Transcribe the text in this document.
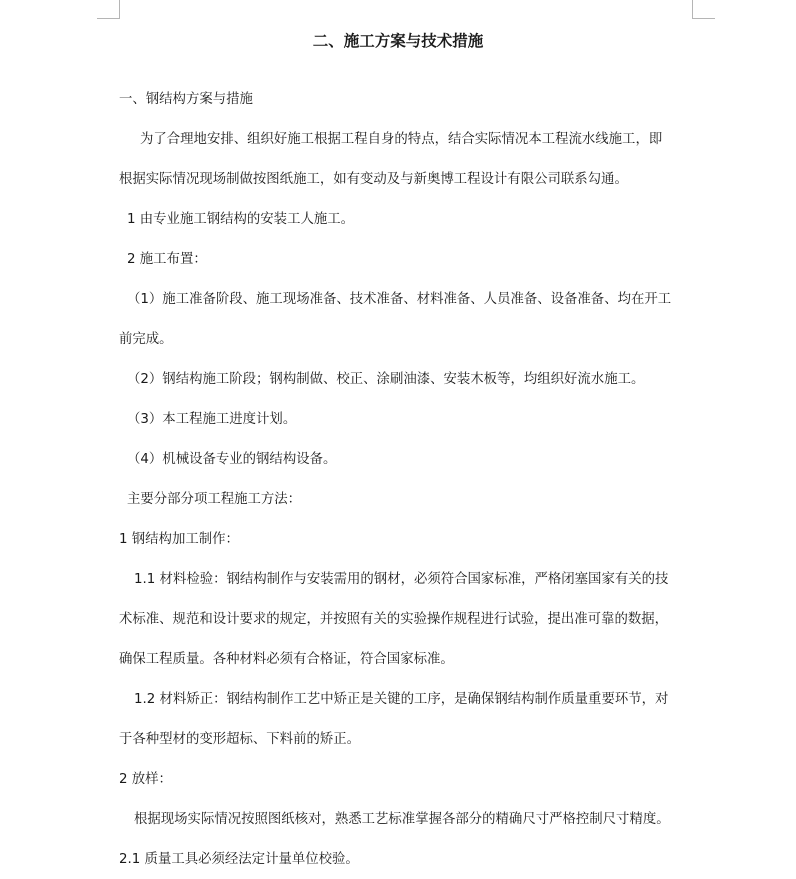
二、施工方案与技术措施
一、钢结构方案与措施
为了合理地安排、组织好施工根据工程自身的特点，结合实际情况本工程流水线施工，即
根据实际情况现场制做按图纸施工，如有变动及与新奥博工程设计有限公司联系勾通。
1 由专业施工钢结构的安装工人施工。
2 施工布置：
（1）施工准备阶段、施工现场准备、技术准备、材料准备、人员准备、设备准备、均在开工
前完成。
（2）钢结构施工阶段；钢构制做、校正、涂刷油漆、安装木板等，均组织好流水施工。
（3）本工程施工进度计划。
（4）机械设备专业的钢结构设备。
主要分部分项工程施工方法：
1 钢结构加工制作：
1.1 材料检验：钢结构制作与安装需用的钢材，必须符合国家标准，严格闭塞国家有关的技
术标准、规范和设计要求的规定，并按照有关的实验操作规程进行试验，提出准可靠的数据，
确保工程质量。各种材料必须有合格证，符合国家标准。
1.2 材料矫正：钢结构制作工艺中矫正是关键的工序，是确保钢结构制作质量重要环节，对
于各种型材的变形超标、下料前的矫正。
2 放样：
根据现场实际情况按照图纸核对，熟悉工艺标准掌握各部分的精确尺寸严格控制尺寸精度。
2.1 质量工具必须经法定计量单位校验。
